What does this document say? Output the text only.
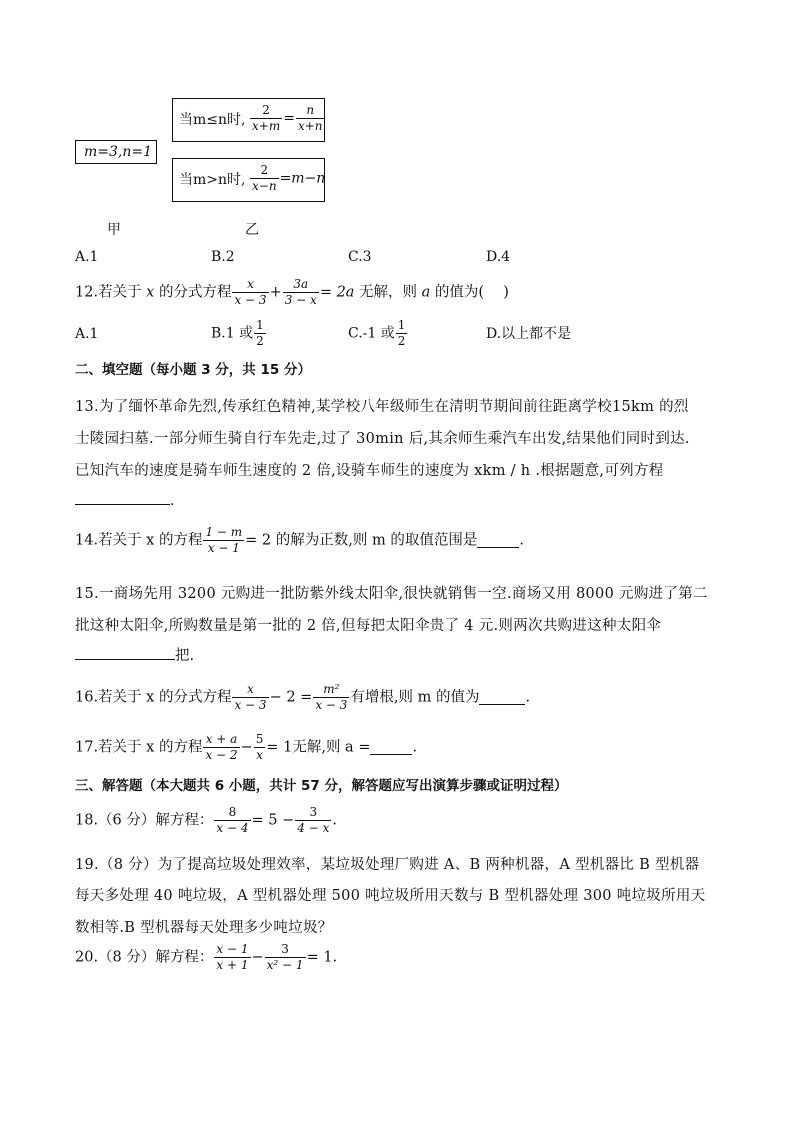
m=3,n=1
当m≤n时, $\frac{2}{x+m} = \frac{n}{x+n}$
当m>n时, $\frac{2}{x-n} =m-n$
甲	乙
A.1	B.2	C.3	D.4
12.若关于 x 的分式方程 $\frac{x}{x - 3} + \frac{3a}{3 - x} = 2a$ 无解，则 a 的值为(　 )
A.1	B.1 或 $\frac{1}{2}$	C.-1 或 $\frac{1}{2}$	D.以上都不是
二、填空题（每小题 3 分，共 15 分）
13.为了缅怀革命先烈,传承红色精神,某学校八年级师生在清明节期间前往距离学校15km 的烈
士陵园扫墓.一部分师生骑自行车先走,过了 30min 后,其余师生乘汽车出发,结果他们同时到达.
已知汽车的速度是骑车师生速度的 2 倍,设骑车师生的速度为 xkm / h .根据题意,可列方程
.
14.若关于 x 的方程 $\frac{1 - m}{x - 1} = 2$ 的解为正数,则 m 的取值范围是	.
15.一商场先用 3200 元购进一批防紫外线太阳伞,很快就销售一空.商场又用 8000 元购进了第二
批这种太阳伞,所购数量是第一批的 2 倍,但每把太阳伞贵了 4 元.则两次共购进这种太阳伞
把.
16.若关于 x 的分式方程 $\frac{x}{x - 3} - 2 = \frac{\text{m²}}{x - 3}$ 有增根,则 m 的值为	.
17.若关于 x 的方程 $\frac{x + a}{x - 2} - \frac{5}{x} = 1$无解,则 a =	.
三、解答题（本大题共 6 小题，共计 57 分，解答题应写出演算步骤或证明过程）
18.（6 分）解方程： $\frac{8}{x - 4} = 5 - \frac{3}{4 - x}$ .
19.（8 分）为了提高垃圾处理效率，某垃圾处理厂购进 A、B 两种机器，A 型机器比 B 型机器
每天多处理 40 吨垃圾，A 型机器处理 500 吨垃圾所用天数与 B 型机器处理 300 吨垃圾所用天
数相等.B 型机器每天处理多少吨垃圾？
20.（8 分）解方程： $\frac{x - 1}{x + 1} - \frac{3}{\text{x² − 1}} = 1$.
